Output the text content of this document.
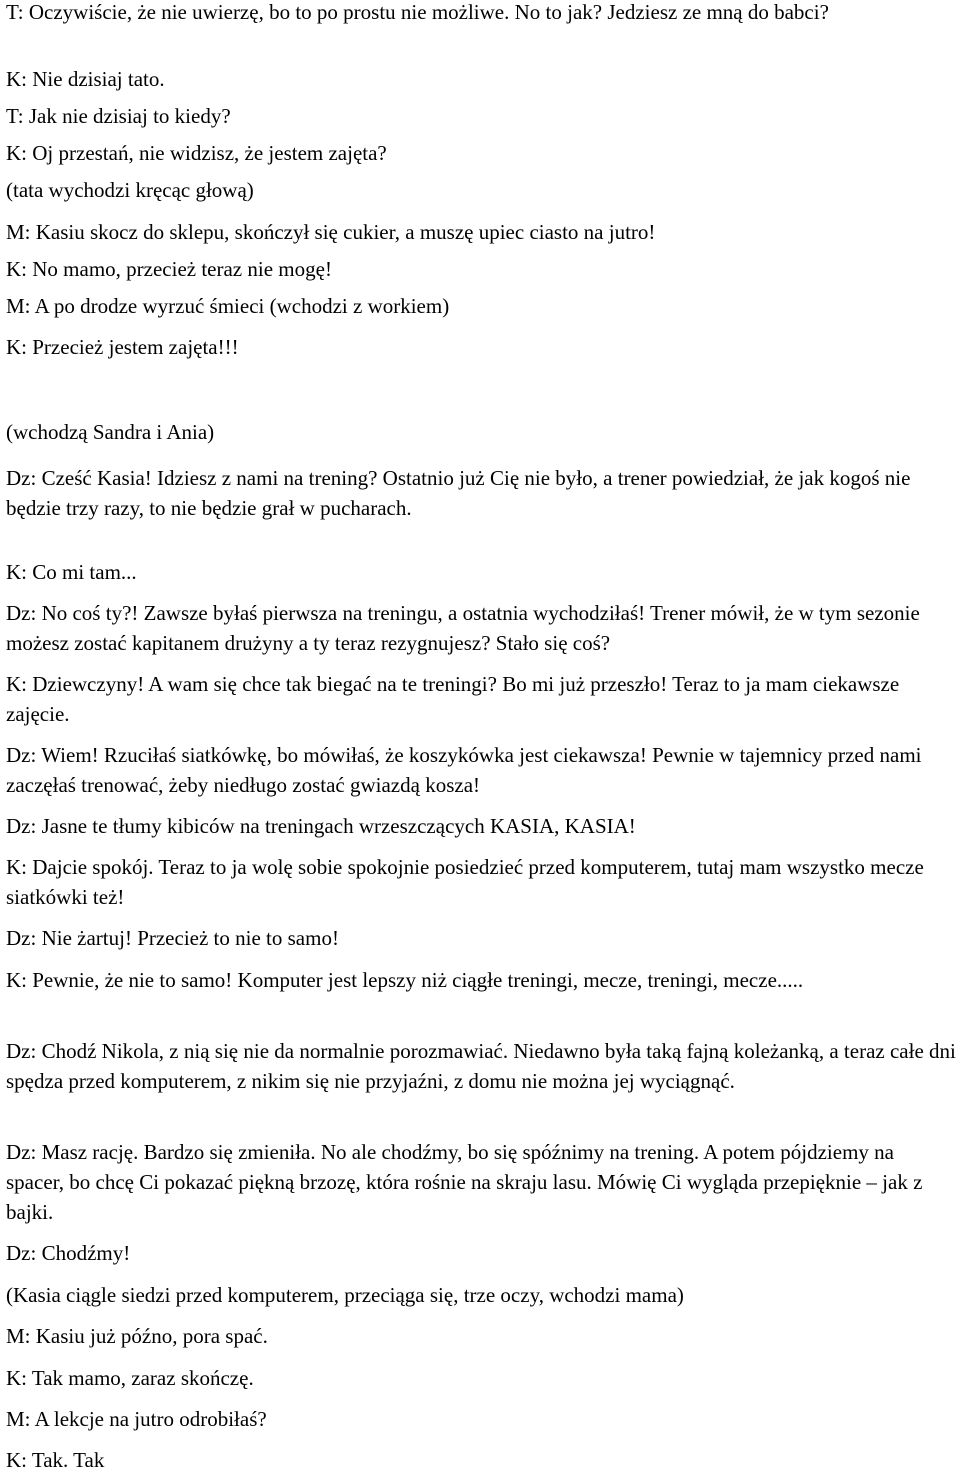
T: Oczywiście, że nie uwierzę, bo to po prostu nie możliwe. No to jak? Jedziesz ze mną do babci?

K: Nie dzisiaj tato.

T: Jak nie dzisiaj to kiedy?

K: Oj przestań, nie widzisz, że jestem zajęta?

(tata wychodzi kręcąc głową)

M: Kasiu skocz do sklepu, skończył się cukier, a muszę upiec ciasto na jutro!

K: No mamo, przecież teraz nie mogę!

M: A po drodze wyrzuć śmieci (wchodzi z workiem)

K: Przecież jestem zajęta!!!

(wchodzą Sandra i Ania)

Dz: Cześć Kasia! Idziesz z nami na trening? Ostatnio już Cię nie było, a trener powiedział, że jak kogoś nie będzie trzy razy, to nie będzie grał w pucharach.

K: Co mi tam...

Dz: No coś ty?! Zawsze byłaś pierwsza na treningu, a ostatnia wychodziłaś! Trener mówił, że w tym sezonie możesz zostać kapitanem drużyny a ty teraz rezygnujesz? Stało się coś?

K: Dziewczyny! A wam się chce tak biegać na te treningi? Bo mi już przeszło! Teraz to ja mam ciekawsze zajęcie.

Dz: Wiem! Rzuciłaś siatkówkę, bo mówiłaś, że koszykówka jest ciekawsza! Pewnie w tajemnicy przed nami zaczęłaś trenować, żeby niedługo zostać gwiazdą kosza!

Dz: Jasne te tłumy kibiców na treningach wrzeszczących KASIA, KASIA!

K: Dajcie spokój. Teraz to ja wolę sobie spokojnie posiedzieć przed komputerem, tutaj mam wszystko mecze siatkówki też!

Dz: Nie żartuj! Przecież to nie to samo!

K: Pewnie, że nie to samo! Komputer jest lepszy niż ciągłe treningi, mecze, treningi, mecze.....

Dz: Chodź Nikola, z nią się nie da normalnie porozmawiać. Niedawno była taką fajną koleżanką, a teraz całe dni spędza przed komputerem, z nikim się nie przyjaźni, z domu nie można jej wyciągnąć.

Dz: Masz rację. Bardzo się zmieniła. No ale chodźmy, bo się spóźnimy na trening. A potem pójdziemy na spacer, bo chcę Ci pokazać piękną brzozę, która rośnie na skraju lasu. Mówię Ci wygląda przepięknie – jak z bajki.

Dz: Chodźmy!

(Kasia ciągle siedzi przed komputerem, przeciąga się, trze oczy, wchodzi mama)

M: Kasiu już późno, pora spać.

K: Tak mamo, zaraz skończę.

M: A lekcje na jutro odrobiłaś?

K: Tak. Tak
